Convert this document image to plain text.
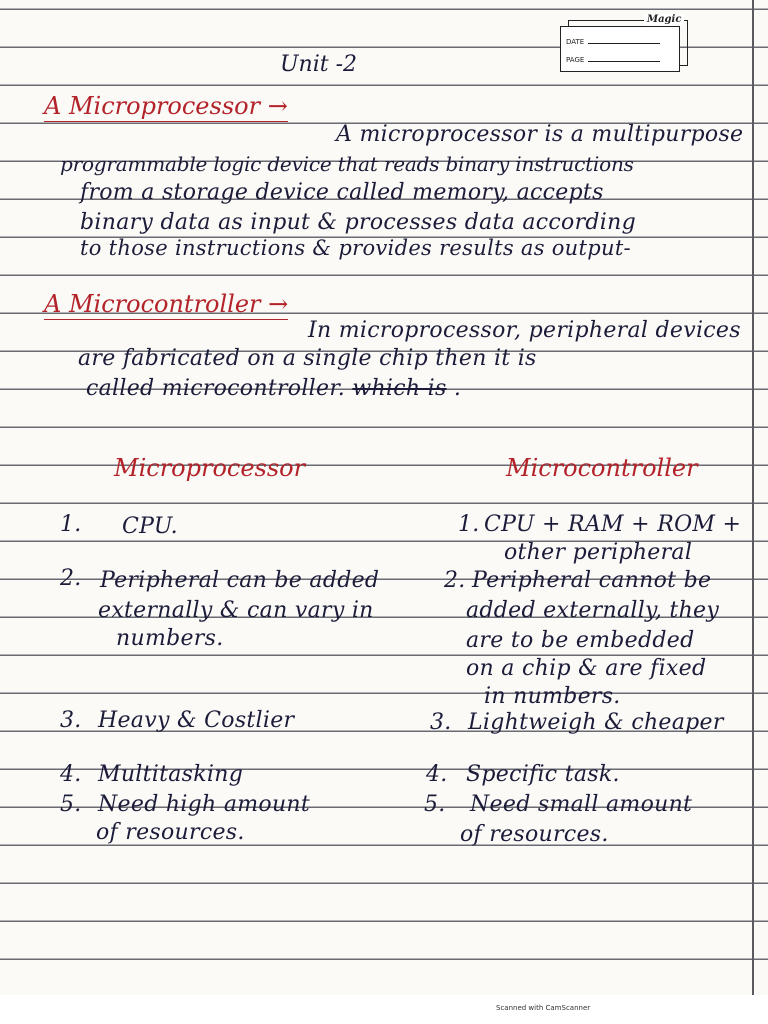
Magic
DATE
PAGE
Unit -2
A Microprocessor →
A microprocessor is a multipurpose
programmable logic device that reads binary instructions
from a storage device called memory, accepts
binary data as input & processes data according
to those instructions & provides results as output-
A Microcontroller →
In microprocessor, peripheral devices
are fabricated on a single chip then it is
called microcontroller. which is .
Microprocessor	Microcontroller
1. CPU.
2. Peripheral can be added
externally & can vary in
numbers.
3. Heavy & Costlier
4. Multitasking
5. Need high amount
of resources.
1. CPU + RAM + ROM +
other peripheral
2. Peripheral cannot be
added externally, they
are to be embedded
on a chip & are fixed
in numbers.
3. Lightweigh & cheaper
4. Specific task.
5. Need small amount
of resources.
Scanned with CamScanner
